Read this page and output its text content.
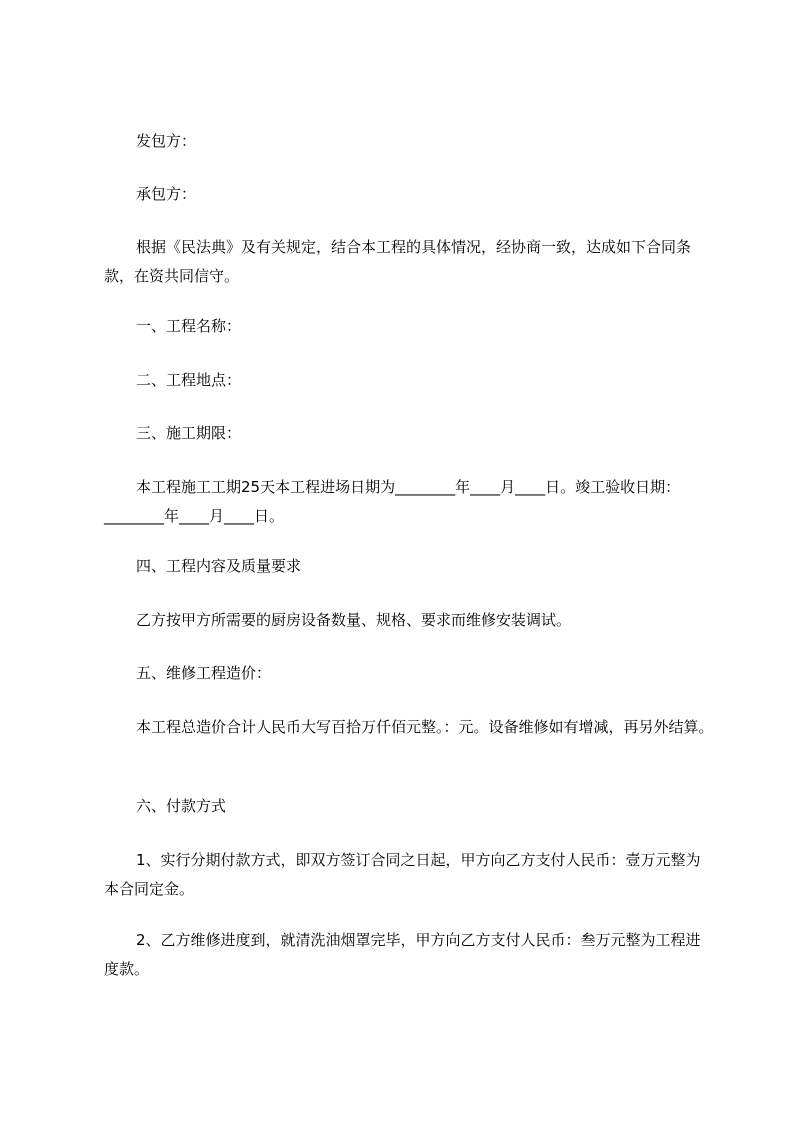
发包方：

承包方：

根据《民法典》及有关规定，结合本工程的具体情况，经协商一致，达成如下合同条款，在资共同信守。

一、工程名称：

二、工程地点：

三、施工期限：

本工程施工工期25天本工程进场日期为________年____月____日。竣工验收日期：________年____月____日。

四、工程内容及质量要求

乙方按甲方所需要的厨房设备数量、规格、要求而维修安装调试。

五、维修工程造价：

本工程总造价合计人民币大写百拾万仟佰元整。：元。设备维修如有增减，再另外结算。

六、付款方式

1、实行分期付款方式，即双方签订合同之日起，甲方向乙方支付人民币：壹万元整为本合同定金。

2、乙方维修进度到，就清洗油烟罩完毕，甲方向乙方支付人民币：叁万元整为工程进度款。
